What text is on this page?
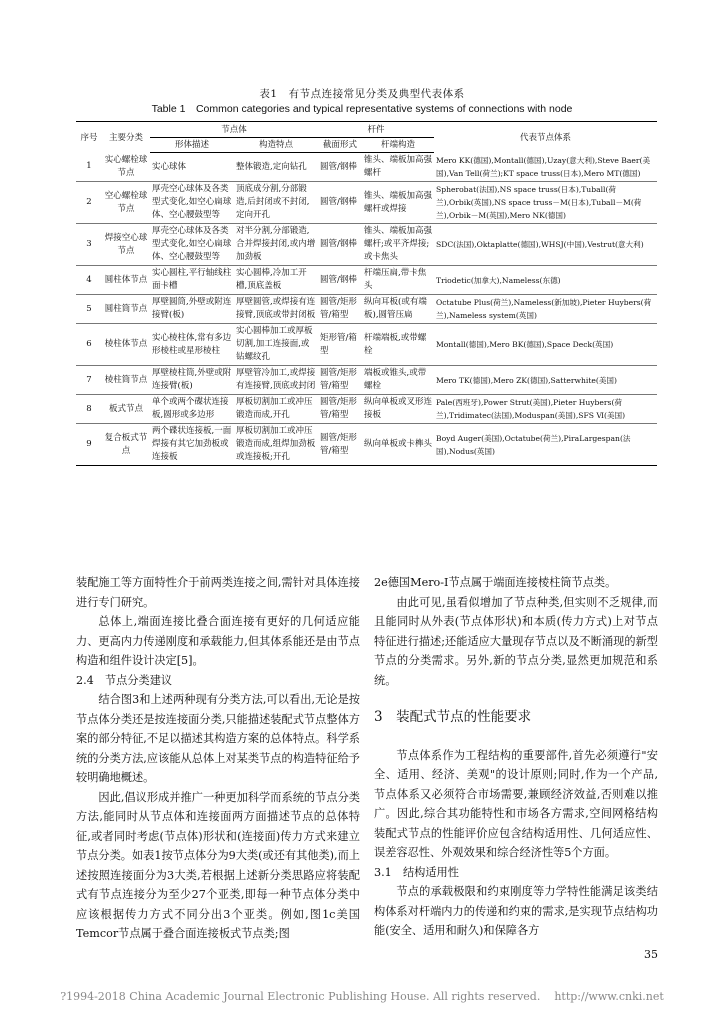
表1　有节点连接常见分类及典型代表体系
Table 1　Common categories and typical representative systems of connections with node
序号	主要分类	节点体		杆件		代表节点体系
		形体描述	构造特点	截面形式	杆端构造	
1	实心螺栓球节点	实心球体	整体锻造,定向钻孔	圆管/钢棒	锥头、端板加高强螺杆	Mero KK(德国),Montall(德国),Uzay(意大利),Steve Baer(美国),Van Tell(荷兰);KT space truss(日本),Mero MT(德国)
2	空心螺栓球节点	厚壳空心球体及各类型式变化,如空心扁球体、空心腰鼓型等	顶底成分割,分部锻造,后封闭或不封闭,定向开孔	圆管/钢棒	锥头、端板加高强螺杆或焊接	Spherobat(法国),NS space truss(日本),Tuball(荷兰),Orbik(英国),NS space truss－M(日本),Tuball－M(荷兰),Orbik－M(英国),Mero NK(德国)
3	焊接空心球节点	厚壳空心球体及各类型式变化,如空心扁球体、空心腰鼓型等	对半分割,分部锻造,合并焊接封闭,或内增加劲板	圆管/钢棒	锥头、端板加高强螺杆;或平齐焊接;或卡焦头	SDC(法国),Oktaplatte(德国),WHSJ(中国),Vestrut(意大利)
4	圆柱体节点	实心圆柱,平行轴线柱面卡槽	实心圆棒,冷加工开槽,顶底盖板	圆管/钢棒	杆端压扁,带卡焦头	Triodetic(加拿大),Nameless(东德)
5	圆柱筒节点	厚壁圆筒,外壁或附连接臂(板)	厚壁圆管,或焊接有连接臂,顶底或带封闭板	圆管/矩形管/箱型	纵向耳板(或有端板),圆管压扁	Octatube Plus(荷兰),Nameless(新加坡),Pieter Huybers(荷兰),Nameless system(英国)
6	棱柱体节点	实心棱柱体,常有多边形棱柱或星形棱柱	实心圆棒加工或厚板切割,加工连接面,或钻螺纹孔	矩形管/箱型	杆端端板,或带螺栓	Montall(德国),Mero BK(德国),Space Deck(英国)
7	棱柱筒节点	厚壁棱柱筒,外壁或附连接臂(板)	厚壁管冷加工,或焊接有连接臂,顶底或封闭	圆管/矩形管/箱型	端板或锥头,或带螺栓	Mero TK(德国),Mero ZK(德国),Satterwhite(美国)
8	板式节点	单个或两个碟状连接板,圆形或多边形	厚板切割加工或冲压锻造而成,开孔	圆管/矩形管/箱型	纵向单板或叉形连接板	Pale(西班牙),Power Strut(美国),Pieter Huybers(荷兰),Tridimatec(法国),Moduspan(美国),SFS Ⅵ(美国)
9	复合板式节点	两个碟状连接板,一面焊接有其它加劲板或连接板	厚板切割加工或冲压锻造而成,组焊加劲板或连接板;开孔	圆管/矩形管/箱型	纵向单板或卡榫头	Boyd Auger(美国),Octatube(荷兰),PiraLargespan(法国),Nodus(英国)

装配施工等方面特性介于前两类连接之间,需针对具体连接进行专门研究。

总体上,端面连接比叠合面连接有更好的几何适应能力、更高内力传递刚度和承载能力,但其体系能还是由节点构造和组件设计决定[5]。

2.4　节点分类建议

结合图3和上述两种现有分类方法,可以看出,无论是按节点体分类还是按连接面分类,只能描述装配式节点整体方案的部分特征,不足以描述其构造方案的总体特点。科学系统的分类方法,应该能从总体上对某类节点的构造特征给予较明确地概述。

因此,倡议形成并推广一种更加科学而系统的节点分类方法,能同时从节点体和连接面两方面描述节点的总体特征,或者同时考虑(节点体)形状和(连接面)传力方式来建立节点分类。如表1按节点体分为9大类(或还有其他类),而上述按照连接面分为3大类,若根据上述新分类思路应将装配式有节点连接分为至少27个亚类,即每一种节点体分类中应该根据传力方式不同分出3个亚类。例如,图1c美国Temcor节点属于叠合面连接板式节点类;图

2e德国Mero-I节点属于端面连接棱柱筒节点类。

由此可见,虽看似增加了节点种类,但实则不乏规律,而且能同时从外表(节点体形状)和本质(传力方式)上对节点特征进行描述;还能适应大量现存节点以及不断涌现的新型节点的分类需求。另外,新的节点分类,显然更加规范和系统。

3　装配式节点的性能要求

节点体系作为工程结构的重要部件,首先必须遵行"安全、适用、经济、美观"的设计原则;同时,作为一个产品,节点体系又必须符合市场需要,兼顾经济效益,否则难以推广。因此,综合其功能特性和市场各方需求,空间网格结构装配式节点的性能评价应包含结构适用性、几何适应性、误差容忍性、外观效果和综合经济性等5个方面。

3.1　结构适用性

节点的承载极限和约束刚度等力学特性能满足该类结构体系对杆端内力的传递和约束的需求,是实现节点结构功能(安全、适用和耐久)和保障各方

35
?1994-2018 China Academic Journal Electronic Publishing House. All rights reserved.    http://www.cnki.net
